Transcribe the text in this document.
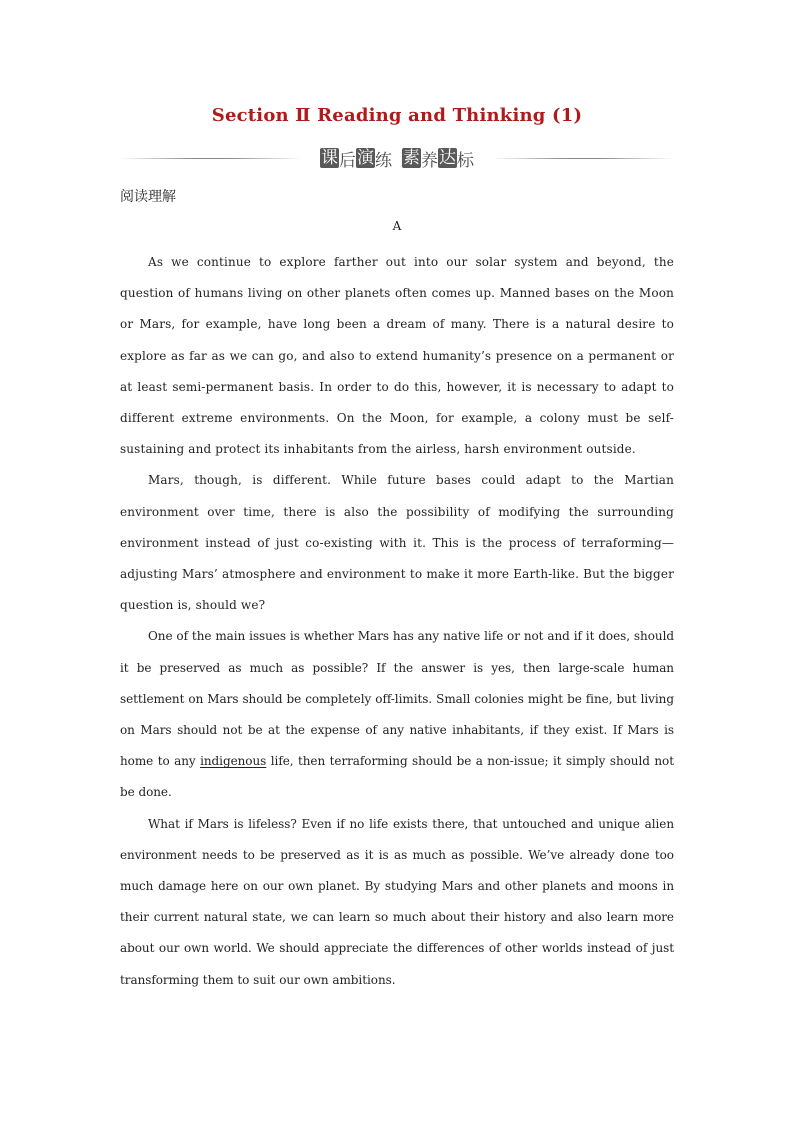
Section Ⅱ Reading and Thinking (1)
课 后 演 练 素 养 达 标
阅读理解
A

As we continue to explore farther out into our solar system and beyond, the question of humans living on other planets often comes up. Manned bases on the Moon or Mars, for example, have long been a dream of many. There is a natural desire to explore as far as we can go, and also to extend humanity’s presence on a permanent or at least semi-permanent basis. In order to do this, however, it is necessary to adapt to different extreme environments. On the Moon, for example, a colony must be self-sustaining and protect its inhabitants from the airless, harsh environment outside.

Mars, though, is different. While future bases could adapt to the Martian environment over time, there is also the possibility of modifying the surrounding environment instead of just co-existing with it. This is the process of terraforming—adjusting Mars’ atmosphere and environment to make it more Earth-like. But the bigger question is, should we?

One of the main issues is whether Mars has any native life or not and if it does, should it be preserved as much as possible? If the answer is yes, then large-scale human settlement on Mars should be completely off-limits. Small colonies might be fine, but living on Mars should not be at the expense of any native inhabitants, if they exist. If Mars is home to any indigenous life, then terraforming should be a non-issue; it simply should not be done.

What if Mars is lifeless? Even if no life exists there, that untouched and unique alien environment needs to be preserved as it is as much as possible. We’ve already done too much damage here on our own planet. By studying Mars and other planets and moons in their current natural state, we can learn so much about their history and also learn more about our own world. We should appreciate the differences of other worlds instead of just transforming them to suit our own ambitions.
